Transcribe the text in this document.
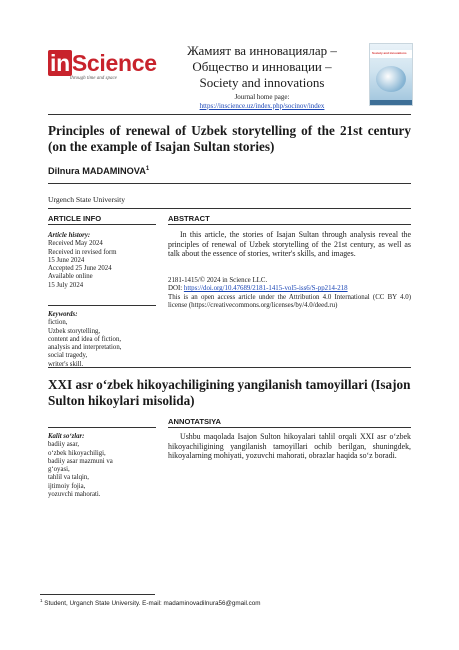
inScience
through time and space
Жамият ва инновациялар –
Общество и инновации –
Society and innovations
Journal home page:
https://inscience.uz/index.php/socinov/index
Society and innovations
Principles of renewal of Uzbek storytelling of the 21st century (on the example of Isajan Sultan stories)
Dilnura MADAMINOVA$^1$
Urgench State University
ARTICLE INFO	ABSTRACT
Article history:
Received May 2024
Received in revised form
15 June 2024
Accepted 25 June 2024
Available online
15 July 2024
Keywords:
fiction,
Uzbek storytelling,
content and idea of fiction,
analysis and interpretation,
social tragedy,
writer's skill.

In this article, the stories of Isajan Sultan through analysis reveal the principles of renewal of Uzbek storytelling of the 21st century, as well as talk about the essence of stories, writer's skills, and images.

2181-1415/© 2024 in Science LLC.
DOI: https://doi.org/10.47689/2181-1415-vol5-iss6/S-pp214-218
This is an open access article under the Attribution 4.0 International (CC BY 4.0) license (https://creativecommons.org/licenses/by/4.0/deed.ru)
XXI asr o‘zbek hikoyachiligining yangilanish tamoyillari (Isajon Sulton hikoylari misolida)
ANNOTATSIYA
Kalit so‘zlar:
badiiy asar,
o‘zbek hikoyachiligi,
badiiy asar mazmuni va
g‘oyasi,
tahlil va talqin,
ijtimoiy fojia,
yozuvchi mahorati.

Ushbu maqolada Isajon Sulton hikoyalari tahlil orqali XXI asr o‘zbek hikoyachiligining yangilanish tamoyillari ochib berilgan, shuningdek, hikoyalarning mohiyati, yozuvchi mahorati, obrazlar haqida so‘z boradi.

$^1$ Student, Urganch State University. E-mail: madaminovadilnura56@gmail.com
